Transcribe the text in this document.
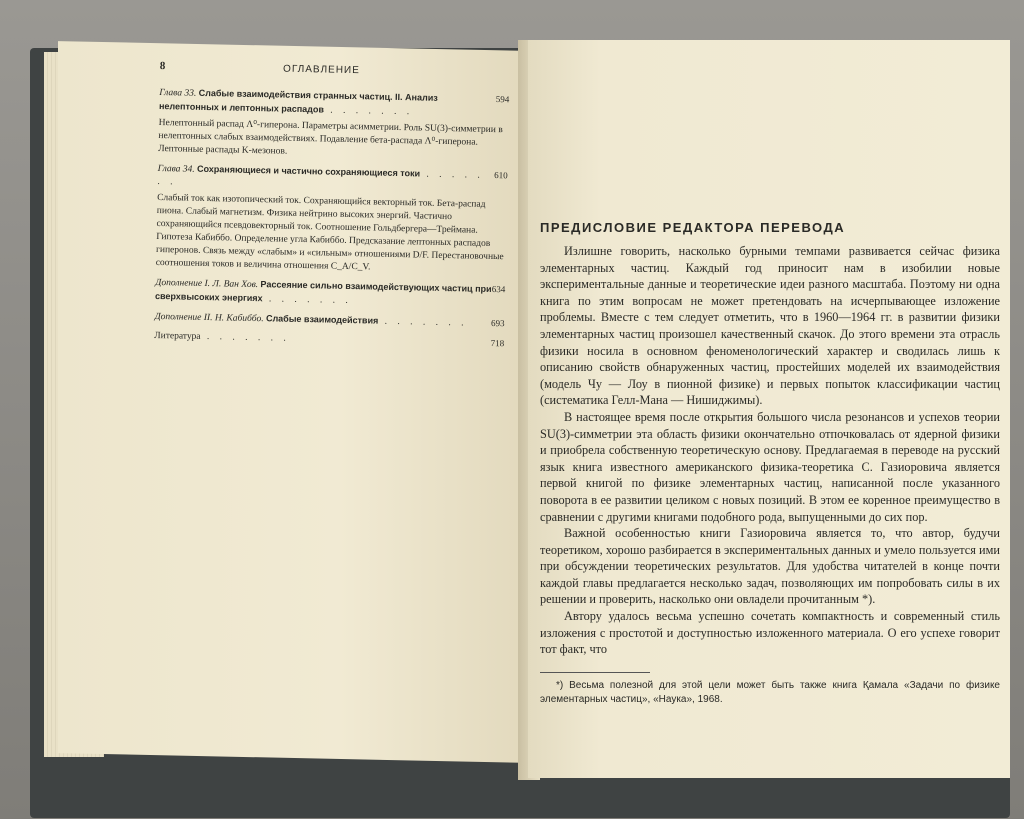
8	ОГЛАВЛЕНИЕ
594
Глава 33. Слабые взаимодействия странных частиц. II. Анализ нелептонных и лептонных распадов . . . . . . .
Нелептонный распад Λ⁰-гиперона. Параметры асимметрии. Роль SU(3)-симметрии в нелептонных слабых взаимодействиях. Подавление бета-распада Λ⁰-гиперона. Лептонные распады K-мезонов.
610
Глава 34. Сохраняющиеся и частично сохраняющиеся токи . . . . . . .
Слабый ток как изотопический ток. Сохраняющийся векторный ток. Бета-распад пиона. Слабый магнетизм. Физика нейтрино высоких энергий. Частично сохраняющийся псевдовекторный ток. Соотношение Гольдбергера—Треймана. Гипотеза Кабиббо. Определение угла Кабиббо. Предсказание лептонных распадов гиперонов. Связь между «слабым» и «сильным» отношениями D/F. Перестановочные соотношения токов и величина отношения C_A/C_V.
634
Дополнение I. Л. Ван Хов. Рассеяние сильно взаимодействующих частиц при сверхвысоких энергиях . . . . . . .
693
Дополнение II. Н. Кабиббо. Слабые взаимодействия . . . . . . .
718
Литература . . . . . . .
ПРЕДИСЛОВИЕ РЕДАКТОРА ПЕРЕВОДА

Излишне говорить, насколько бурными темпами развивается сейчас физика элементарных частиц. Каждый год приносит нам в изобилии новые экспериментальные данные и теоретические идеи разного масштаба. Поэтому ни одна книга по этим вопросам не может претендовать на исчерпывающее изложение проблемы. Вместе с тем следует отметить, что в 1960—1964 гг. в развитии физики элементарных частиц произошел качественный скачок. До этого времени эта отрасль физики носила в основном феноменологический характер и сводилась лишь к описанию свойств обнаруженных частиц, простейших моделей их взаимодействия (модель Чу — Лоу в пионной физике) и первых попыток классификации частиц (систематика Гелл-Мана — Нишиджимы).

В настоящее время после открытия большого числа резонансов и успехов теории SU(3)-симметрии эта область физики окончательно отпочковалась от ядерной физики и приобрела собственную теоретическую основу. Предлагаемая в переводе на русский язык книга известного американского физика-теоретика С. Газиоровича является первой книгой по физике элементарных частиц, написанной после указанного поворота в ее развитии целиком с новых позиций. В этом ее коренное преимущество в сравнении с другими книгами подобного рода, выпущенными до сих пор.

Важной особенностью книги Газиоровича является то, что автор, будучи теоретиком, хорошо разбирается в экспериментальных данных и умело пользуется ими при обсуждении теоретических результатов. Для удобства читателей в конце почти каждой главы предлагается несколько задач, позволяющих им попробовать силы в их решении и проверить, насколько они овладели прочитанным *).

Автору удалось весьма успешно сочетать компактность и современный стиль изложения с простотой и доступностью изложенного материала. О его успехе говорит тот факт, что

*) Весьма полезной для этой цели может быть также книга Қамала «Задачи по физике элементарных частиц», «Наука», 1968.
